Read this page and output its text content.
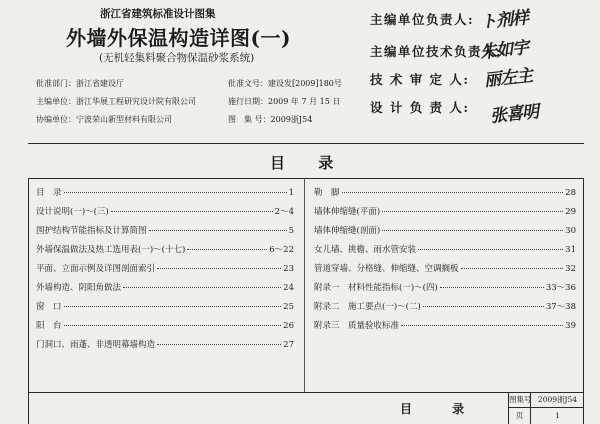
浙江省建筑标准设计图集
外墙外保温构造详图(一)
(无机轻集料聚合物保温砂浆系统)
批准部门：浙江省建设厅	批准文号：建设发[2009]180号
主编单位：浙江华展工程研究设计院有限公司	施行日期：2009 年 7 月 15 日
协编单位：宁波荣山新型材料有限公司	图　集 号：2009浙J54
主编单位负责人: ト剂样
主编单位技术负责人:
朱如宇
技 术 审 定 人: 丽左主
设 计 负 责 人: 张喜明
目 录
目　录	1
设计说明(一)～(三)	2～4
围护结构节能指标及计算简图	5
外墙保温做法及热工选用表(一)～(十七)	6～22
平面、立面示例及详图剖面索引	23
外墙构造、阴阳角做法	24
窗　口	25
阳　台	26
门洞口、雨蓬、非透明幕墙构造	27
勒　脚	28
墙体伸缩缝(平面)	29
墙体伸缩缝(剖面)	30
女儿墙、挑檐、雨水管安装	31
管道穿墙、分格缝、伸缩缝、空调搁板	32
附录一　材料性能指标(一)～(四)	33～36
附录二　施工要点(一)～(二)	37～38
附录三　质量验收标准	39
目 录
图集号 2009浙J54
页	1
